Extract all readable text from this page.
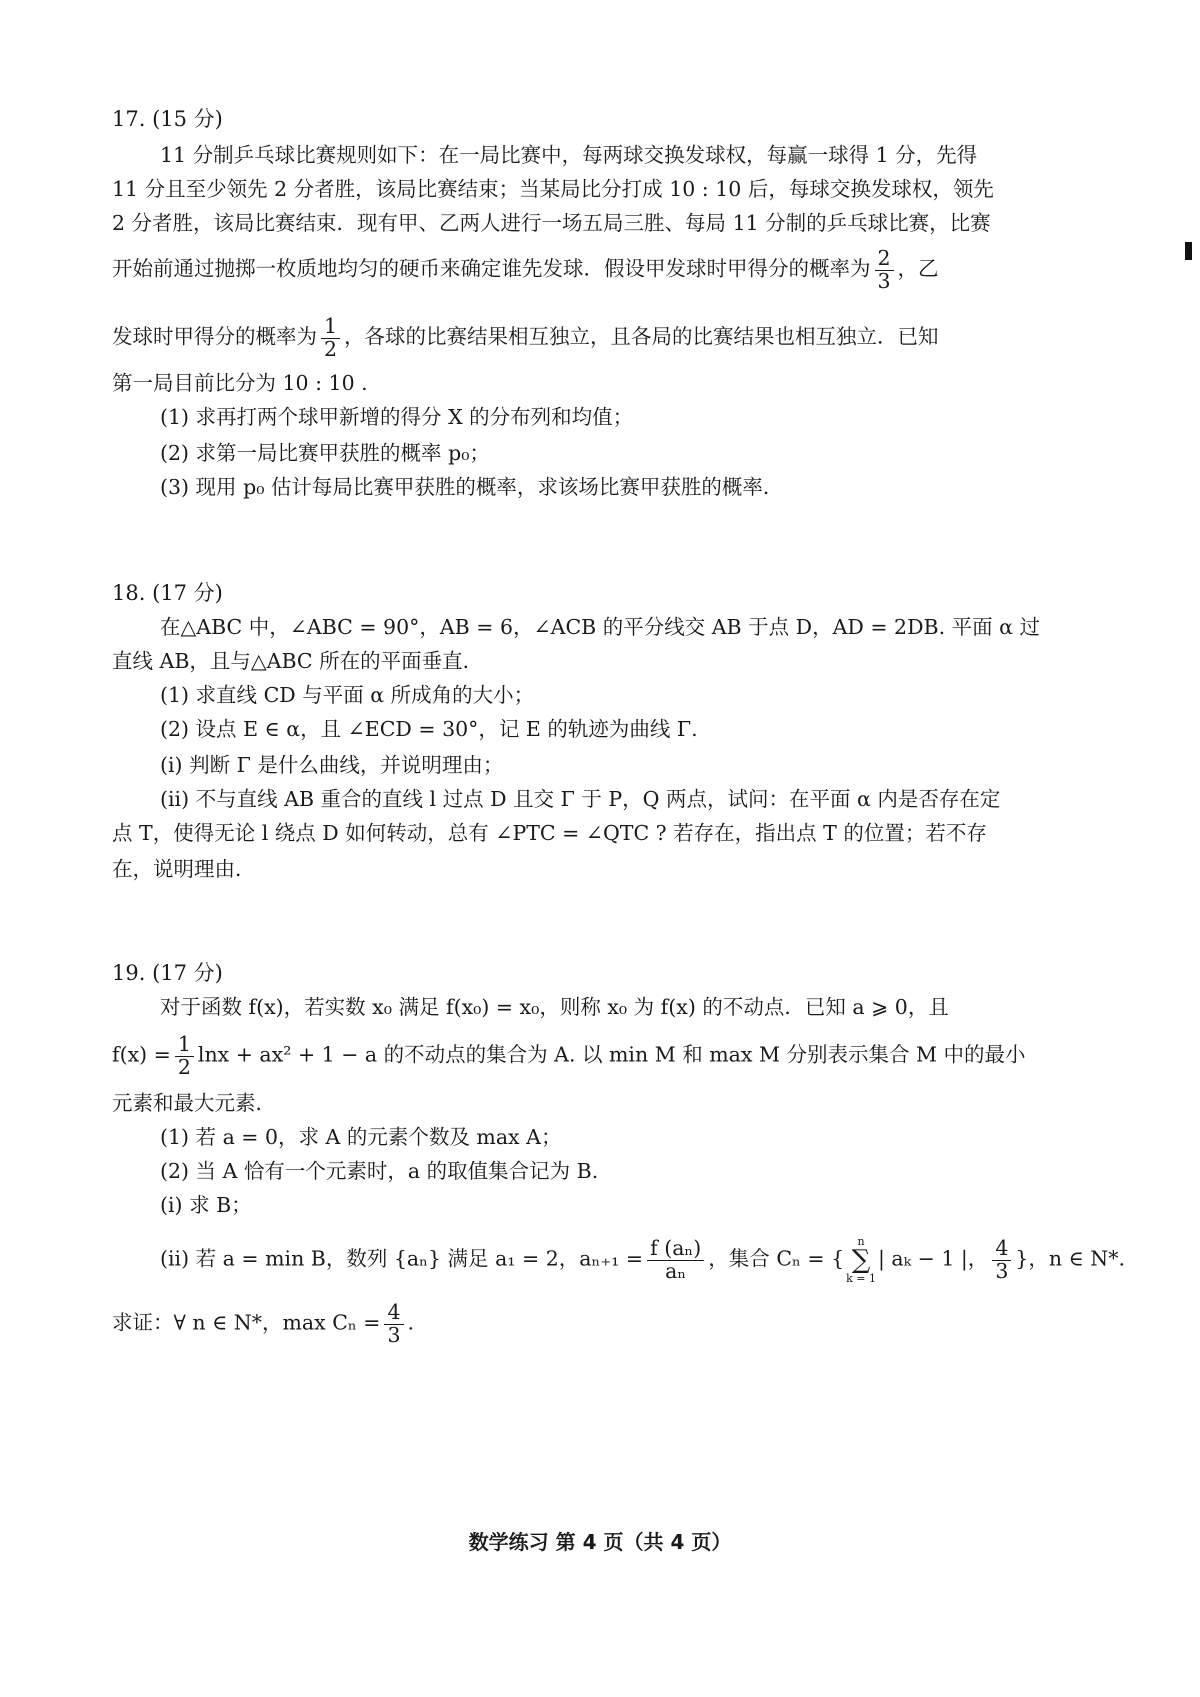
17. (15 分)
11 分制乒乓球比赛规则如下：在一局比赛中，每两球交换发球权，每赢一球得 1 分，先得
11 分且至少领先 2 分者胜，该局比赛结束；当某局比分打成 10 : 10 后，每球交换发球权，领先
2 分者胜，该局比赛结束．现有甲、乙两人进行一场五局三胜、每局 11 分制的乒乓球比赛，比赛
开始前通过抛掷一枚质地均匀的硬币来确定谁先发球．假设甲发球时甲得分的概率为 $\frac{2}{3}$ ，乙
发球时甲得分的概率为 $\frac{1}{2}$ ，各球的比赛结果相互独立，且各局的比赛结果也相互独立．已知
第一局目前比分为 10 : 10 .
(1) 求再打两个球甲新增的得分 X 的分布列和均值；
(2) 求第一局比赛甲获胜的概率 p₀；
(3) 现用 p₀ 估计每局比赛甲获胜的概率，求该场比赛甲获胜的概率．
18. (17 分)
在△ABC 中，∠ABC = 90°，AB = 6，∠ACB 的平分线交 AB 于点 D，AD = 2DB. 平面 α 过
直线 AB，且与△ABC 所在的平面垂直．
(1) 求直线 CD 与平面 α 所成角的大小；
(2) 设点 E ∈ α，且 ∠ECD = 30°，记 E 的轨迹为曲线 Γ.
(i) 判断 Γ 是什么曲线，并说明理由；
(ii) 不与直线 AB 重合的直线 l 过点 D 且交 Γ 于 P，Q 两点，试问：在平面 α 内是否存在定
点 T，使得无论 l 绕点 D 如何转动，总有 ∠PTC = ∠QTC ? 若存在，指出点 T 的位置；若不存
在，说明理由．
19. (17 分)
对于函数 f(x)，若实数 x₀ 满足 f(x₀) = x₀，则称 x₀ 为 f(x) 的不动点．已知 a ⩾ 0，且
$f(x) = \frac{1}{2}$ lnx + ax² + 1 − a 的不动点的集合为 A. 以 min M 和 max M 分别表示集合 M 中的最小
元素和最大元素．
(1) 若 a = 0，求 A 的元素个数及 max A；
(2) 当 A 恰有一个元素时，a 的取值集合记为 B.
(i) 求 B；
(ii) 若 a = min B，数列 {aₙ} 满足 a₁ = 2，$a_{n+1} = \frac{\text{f (aₙ)}}{\text{aₙ}}$ ，集合 Cₙ = {
n
∑
k = 1
| aₖ − 1 |， $\frac{4}{3}$ }，n ∈ N*.
求证：∀ n ∈ N*，$\max C_n = \frac{4}{3}$ .
数学练习 第 4 页（共 4 页）
